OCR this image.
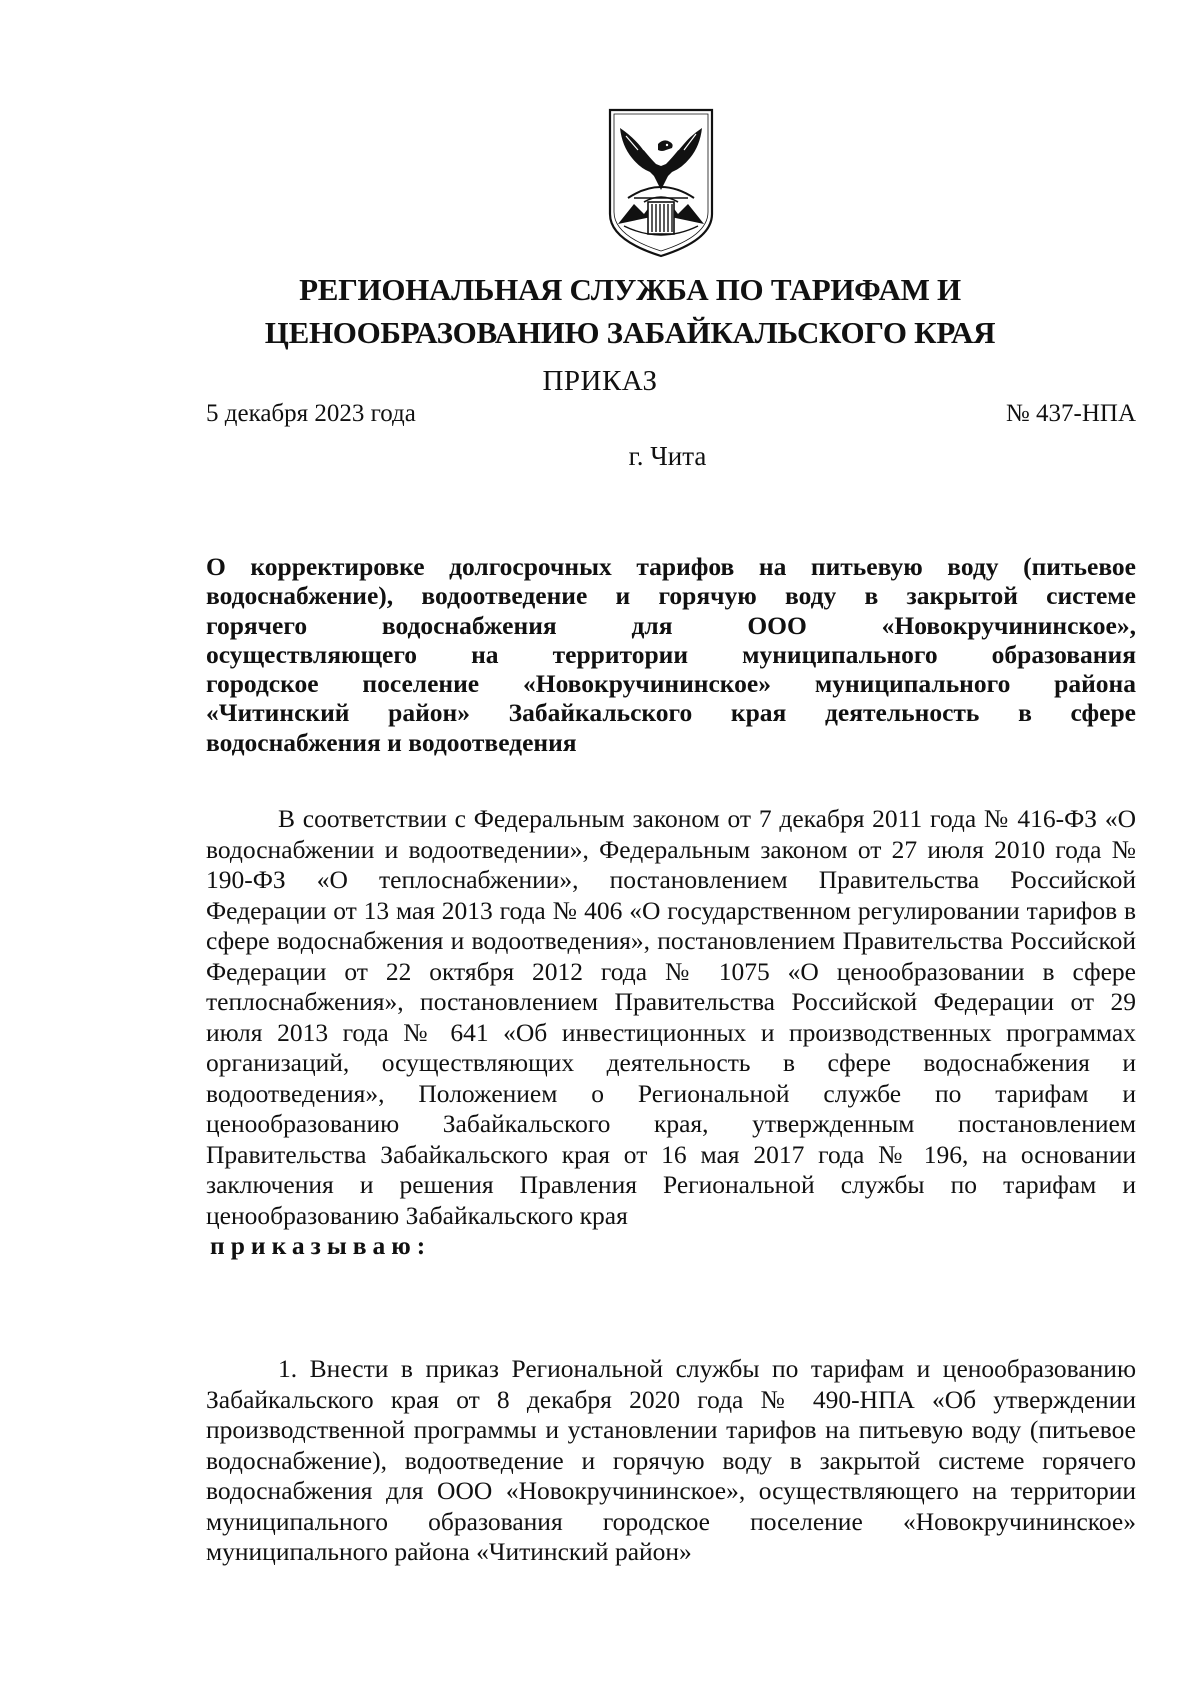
РЕГИОНАЛЬНАЯ СЛУЖБА ПО ТАРИФАМ И
ЦЕНООБРАЗОВАНИЮ ЗАБАЙКАЛЬСКОГО КРАЯ
ПРИКАЗ
5 декабря 2023 года	№ 437-НПА
г. Чита
О корректировке долгосрочных тарифов на питьевую воду (питьевое
водоснабжение), водоотведение и горячую воду в закрытой системе
горячего водоснабжения для ООО «Новокручининское»,
осуществляющего на территории муниципального образования
городское поселение «Новокручининское» муниципального района
«Читинский район» Забайкальского края деятельность в сфере
водоснабжения и водоотведения
В соответствии с Федеральным законом от 7 декабря 2011 года № 416-ФЗ «О водоснабжении и водоотведении», Федеральным законом от 27 июля 2010 года № 190-ФЗ «О теплоснабжении», постановлением Правительства Российской Федерации от 13 мая 2013 года № 406 «О государственном регулировании тарифов в сфере водоснабжения и водоотведения», постановлением Правительства Российской Федерации от 22 октября 2012 года № 1075 «О ценообразовании в сфере теплоснабжения», постановлением Правительства Российской Федерации от 29 июля 2013 года № 641 «Об инвестиционных и производственных программах организаций, осуществляющих деятельность в сфере водоснабжения и водоотведения», Положением о Региональной службе по тарифам и ценообразованию Забайкальского края, утвержденным постановлением Правительства Забайкальского края от 16 мая 2017 года № 196, на основании заключения и решения Правления Региональной службы по тарифам и ценообразованию Забайкальского края
приказываю:
1. Внести в приказ Региональной службы по тарифам и ценообразованию Забайкальского края от 8 декабря 2020 года № 490-НПА «Об утверждении производственной программы и установлении тарифов на питьевую воду (питьевое водоснабжение), водоотведение и горячую воду в закрытой системе горячего водоснабжения для ООО «Новокручининское», осуществляющего на территории муниципального образования городское поселение «Новокручининское» муниципального района «Читинский район»
